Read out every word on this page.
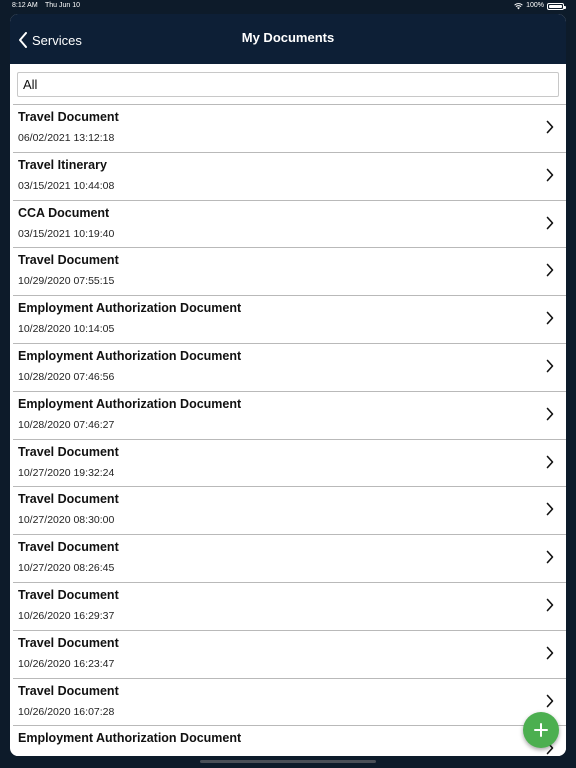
8:12 AM Thu Jun 10	100%
Services	My Documents
All
Travel Document
06/02/2021 13:12:18
Travel Itinerary
03/15/2021 10:44:08
CCA Document
03/15/2021 10:19:40
Travel Document
10/29/2020 07:55:15
Employment Authorization Document
10/28/2020 10:14:05
Employment Authorization Document
10/28/2020 07:46:56
Employment Authorization Document
10/28/2020 07:46:27
Travel Document
10/27/2020 19:32:24
Travel Document
10/27/2020 08:30:00
Travel Document
10/27/2020 08:26:45
Travel Document
10/26/2020 16:29:37
Travel Document
10/26/2020 16:23:47
Travel Document
10/26/2020 16:07:28
Employment Authorization Document
